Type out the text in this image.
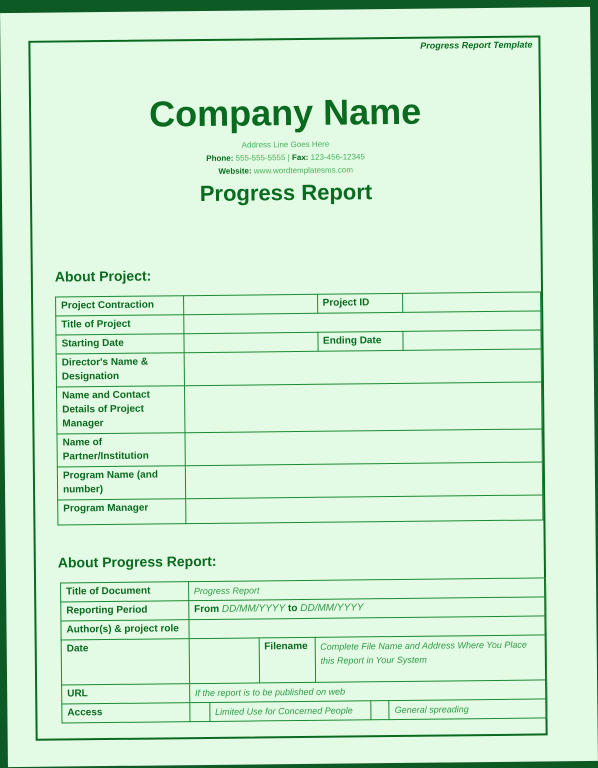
Progress Report Template
Company Name
Address Line Goes Here
Phone: 555-555-5555 | Fax: 123-456-12345
Website: www.wordtemplatesms.com
Progress Report
About Project:
Project Contraction		Project ID	
Title of Project			
Starting Date		Ending Date	
Director's Name & Designation			
Name and Contact Details of Project Manager			
Name of Partner/Institution			
Program Name (and number)			
Program Manager			
About Progress Report:
Title of Document	Progress Report					
Reporting Period	From DD/MM/YYYY to DD/MM/YYYY					
Author(s) & project role						
Date			Filename	Complete File Name and Address Where You Place this Report in Your System		
URL	If the report is to be published on web					
Access		Limited Use for Concerned People				General spreading
